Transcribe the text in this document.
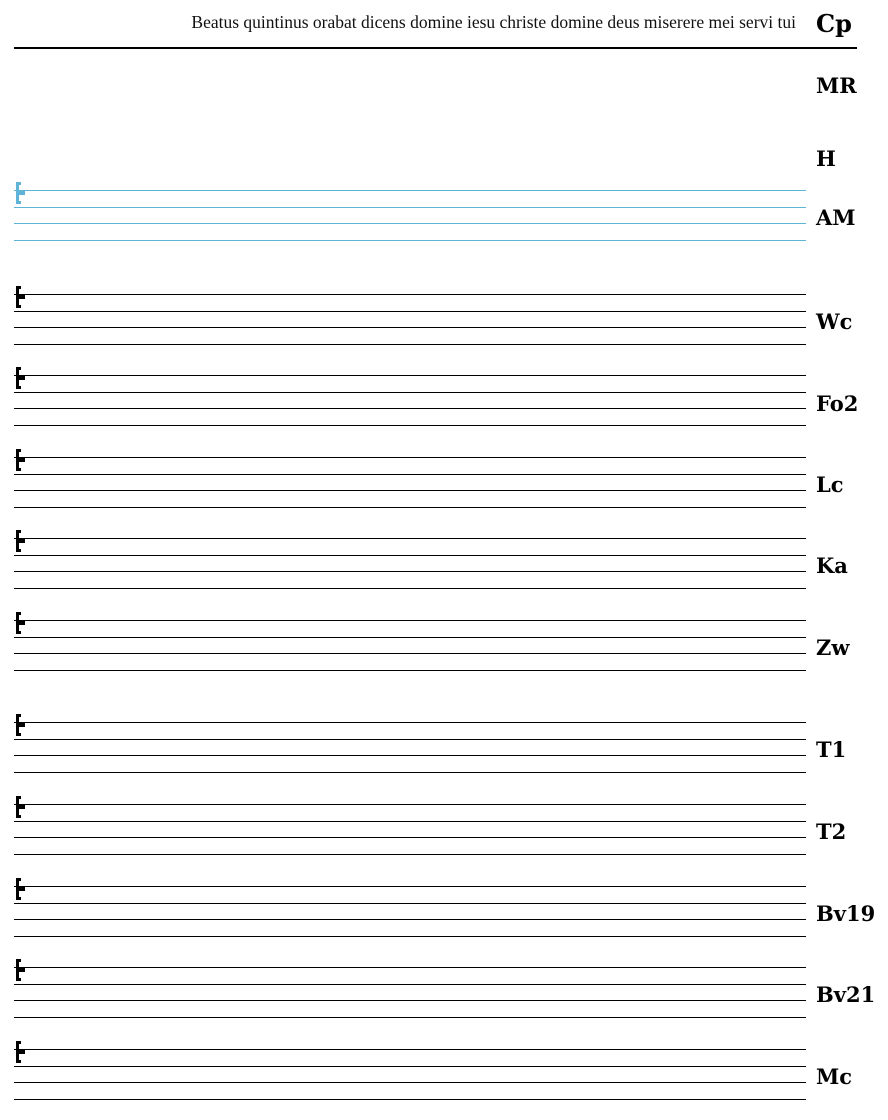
Beatus quintinus orabat dicens domine iesu christe domine deus miserere mei servi tui Cp
MR
H
AM
Wc
Fo2
Lc
Ka
Zw
T1
T2
Bv19
Bv21
Mc
